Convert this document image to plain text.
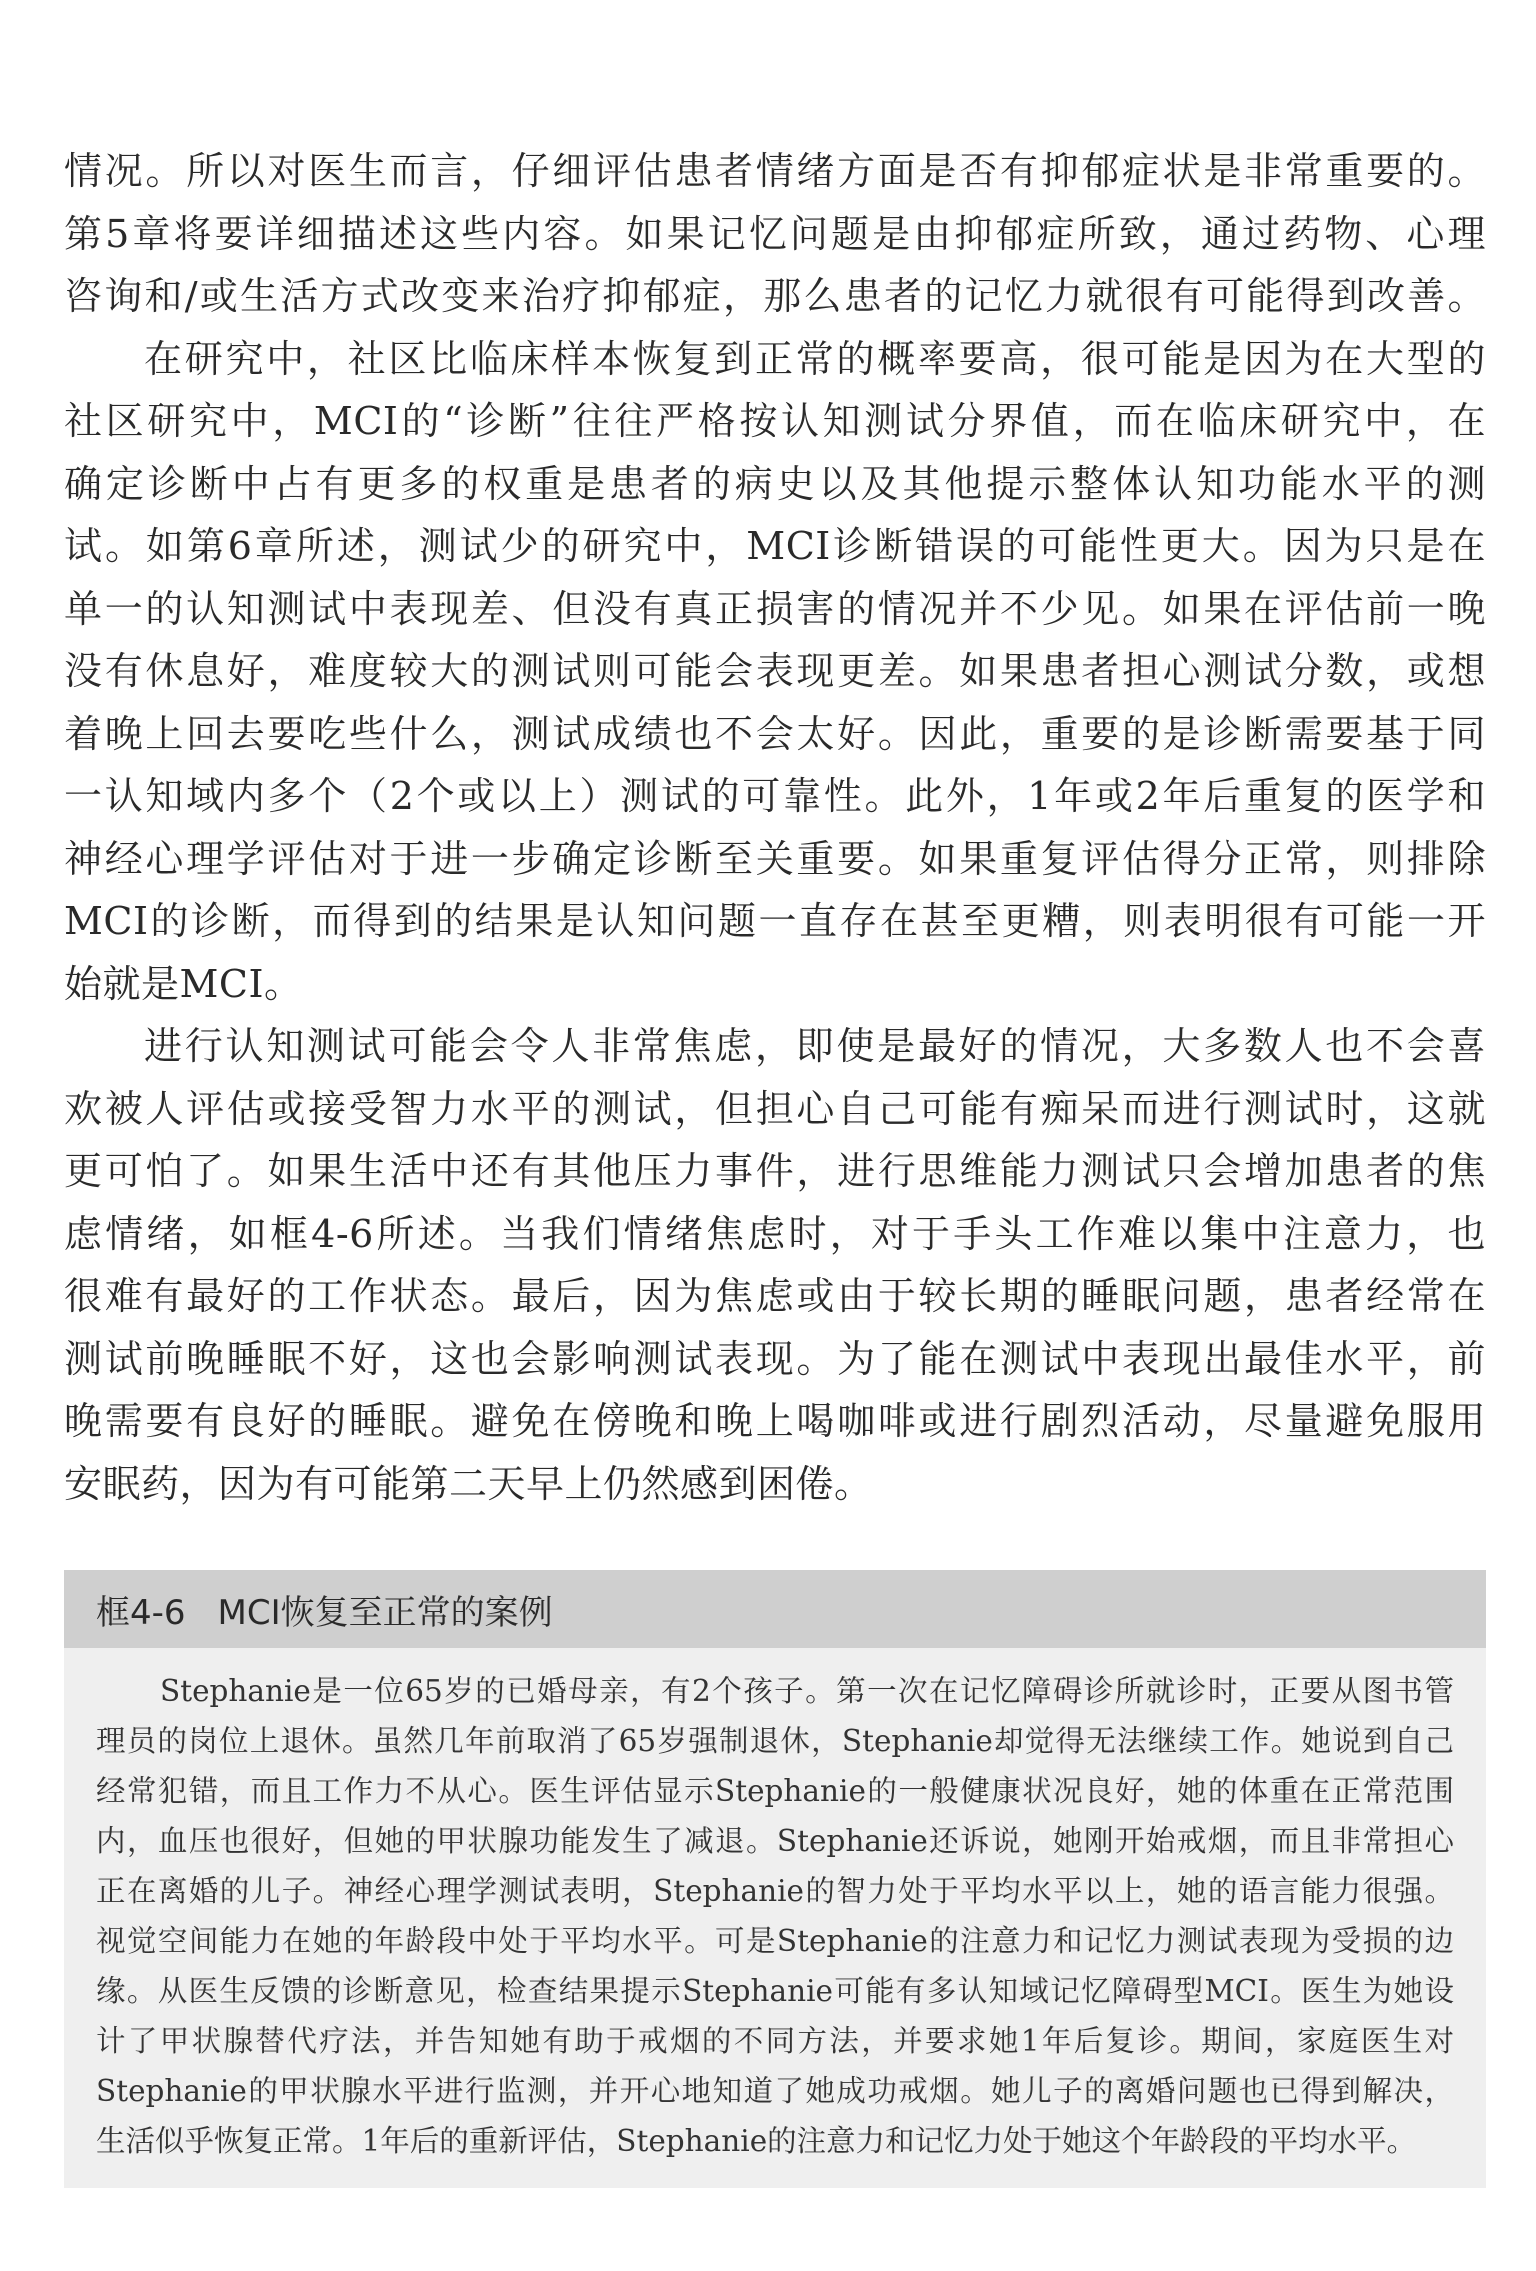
情况。所以对医生而言，仔细评估患者情绪方面是否有抑郁症状是非常重要的。
第5章将要详细描述这些内容。如果记忆问题是由抑郁症所致，通过药物、心理
咨询和/或生活方式改变来治疗抑郁症，那么患者的记忆力就很有可能得到改善。
在研究中，社区比临床样本恢复到正常的概率要高，很可能是因为在大型的
社区研究中，MCI的“诊断”往往严格按认知测试分界值，而在临床研究中，在
确定诊断中占有更多的权重是患者的病史以及其他提示整体认知功能水平的测
试。如第6章所述，测试少的研究中，MCI诊断错误的可能性更大。因为只是在
单一的认知测试中表现差、但没有真正损害的情况并不少见。如果在评估前一晚
没有休息好，难度较大的测试则可能会表现更差。如果患者担心测试分数，或想
着晚上回去要吃些什么，测试成绩也不会太好。因此，重要的是诊断需要基于同
一认知域内多个（2个或以上）测试的可靠性。此外，1年或2年后重复的医学和
神经心理学评估对于进一步确定诊断至关重要。如果重复评估得分正常，则排除
MCI的诊断，而得到的结果是认知问题一直存在甚至更糟，则表明很有可能一开
始就是MCI。
进行认知测试可能会令人非常焦虑，即使是最好的情况，大多数人也不会喜
欢被人评估或接受智力水平的测试，但担心自己可能有痴呆而进行测试时，这就
更可怕了。如果生活中还有其他压力事件，进行思维能力测试只会增加患者的焦
虑情绪，如框4-6所述。当我们情绪焦虑时，对于手头工作难以集中注意力，也
很难有最好的工作状态。最后，因为焦虑或由于较长期的睡眠问题，患者经常在
测试前晚睡眠不好，这也会影响测试表现。为了能在测试中表现出最佳水平，前
晚需要有良好的睡眠。避免在傍晚和晚上喝咖啡或进行剧烈活动，尽量避免服用
安眠药，因为有可能第二天早上仍然感到困倦。
框4-6 MCI恢复至正常的案例
Stephanie是一位65岁的已婚母亲，有2个孩子。第一次在记忆障碍诊所就诊时，正要从图书管
理员的岗位上退休。虽然几年前取消了65岁强制退休，Stephanie却觉得无法继续工作。她说到自己
经常犯错，而且工作力不从心。医生评估显示Stephanie的一般健康状况良好，她的体重在正常范围
内，血压也很好，但她的甲状腺功能发生了减退。Stephanie还诉说，她刚开始戒烟，而且非常担心
正在离婚的儿子。神经心理学测试表明，Stephanie的智力处于平均水平以上，她的语言能力很强。
视觉空间能力在她的年龄段中处于平均水平。可是Stephanie的注意力和记忆力测试表现为受损的边
缘。从医生反馈的诊断意见，检查结果提示Stephanie可能有多认知域记忆障碍型MCI。医生为她设
计了甲状腺替代疗法，并告知她有助于戒烟的不同方法，并要求她1年后复诊。期间，家庭医生对
Stephanie的甲状腺水平进行监测，并开心地知道了她成功戒烟。她儿子的离婚问题也已得到解决，
生活似乎恢复正常。1年后的重新评估，Stephanie的注意力和记忆力处于她这个年龄段的平均水平。
